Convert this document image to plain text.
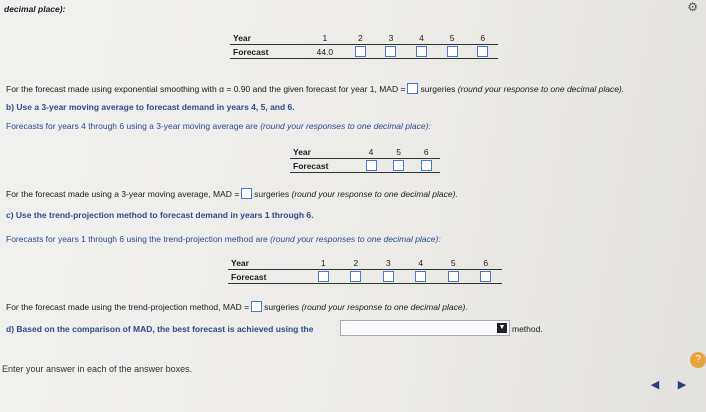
decimal place):	⚙
Year	1	2	3	4	5	6
Forecast	44.0					
For the forecast made using exponential smoothing with α = 0.90 and the given forecast for year 1, MAD = surgeries (round your response to one decimal place).
b) Use a 3-year moving average to forecast demand in years 4, 5, and 6.
Forecasts for years 4 through 6 using a 3-year moving average are (round your responses to one decimal place):
Year	4	5	6
Forecast			
For the forecast made using a 3-year moving average, MAD = surgeries (round your response to one decimal place).
c) Use the trend-projection method to forecast demand in years 1 through 6.
Forecasts for years 1 through 6 using the trend-projection method are (round your responses to one decimal place):
Year	1	2	3	4	5	6
Forecast						
For the forecast made using the trend-projection method, MAD = surgeries (round your response to one decimal place).
d) Based on the comparison of MAD, the best forecast is achieved using the	▼ method.
Enter your answer in each of the answer boxes.
?
◀	▶
